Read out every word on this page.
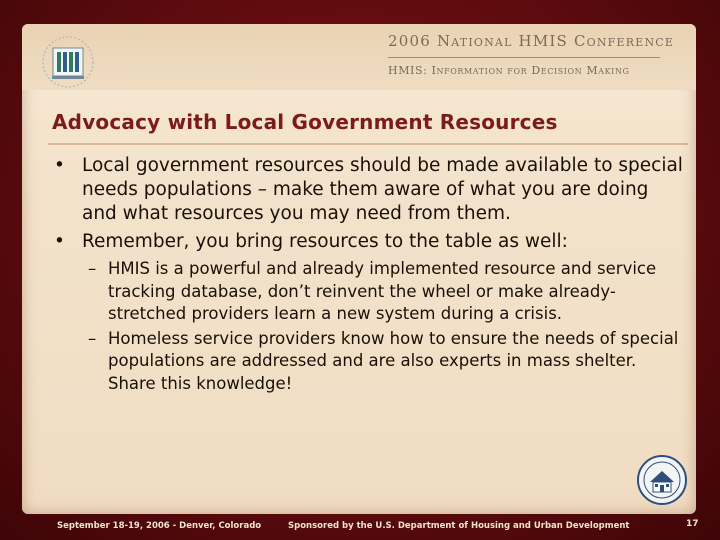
2006 National HMIS Conference
HMIS: Information for Decision Making
Advocacy with Local Government Resources
• Local government resources should be made available to special needs populations – make them aware of what you are doing and what resources you may need from them.
• Remember, you bring resources to the table as well:
– HMIS is a powerful and already implemented resource and service tracking database, don’t reinvent the wheel or make already-stretched providers learn a new system during a crisis.
– Homeless service providers know how to ensure the needs of special populations are addressed and are also experts in mass shelter. Share this knowledge!
September 18-19, 2006 - Denver, Colorado	Sponsored by the U.S. Department of Housing and Urban Development	17
